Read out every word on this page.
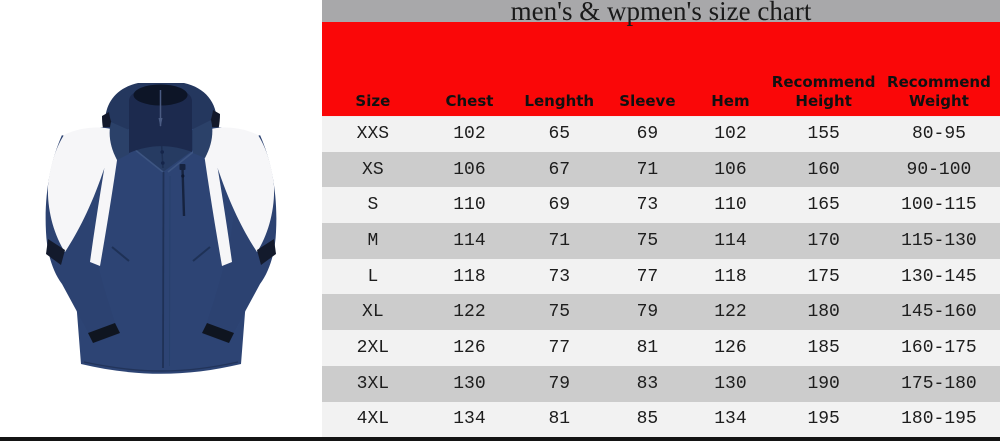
men's & wpmen's size chart
Size	Chest	Lenghth	Sleeve	Hem	Recommend Height	Recommend Weight
XXS	102	65	69	102	155	80-95
XS	106	67	71	106	160	90-100
S	110	69	73	110	165	100-115
M	114	71	75	114	170	115-130
L	118	73	77	118	175	130-145
XL	122	75	79	122	180	145-160
2XL	126	77	81	126	185	160-175
3XL	130	79	83	130	190	175-180
4XL	134	81	85	134	195	180-195
